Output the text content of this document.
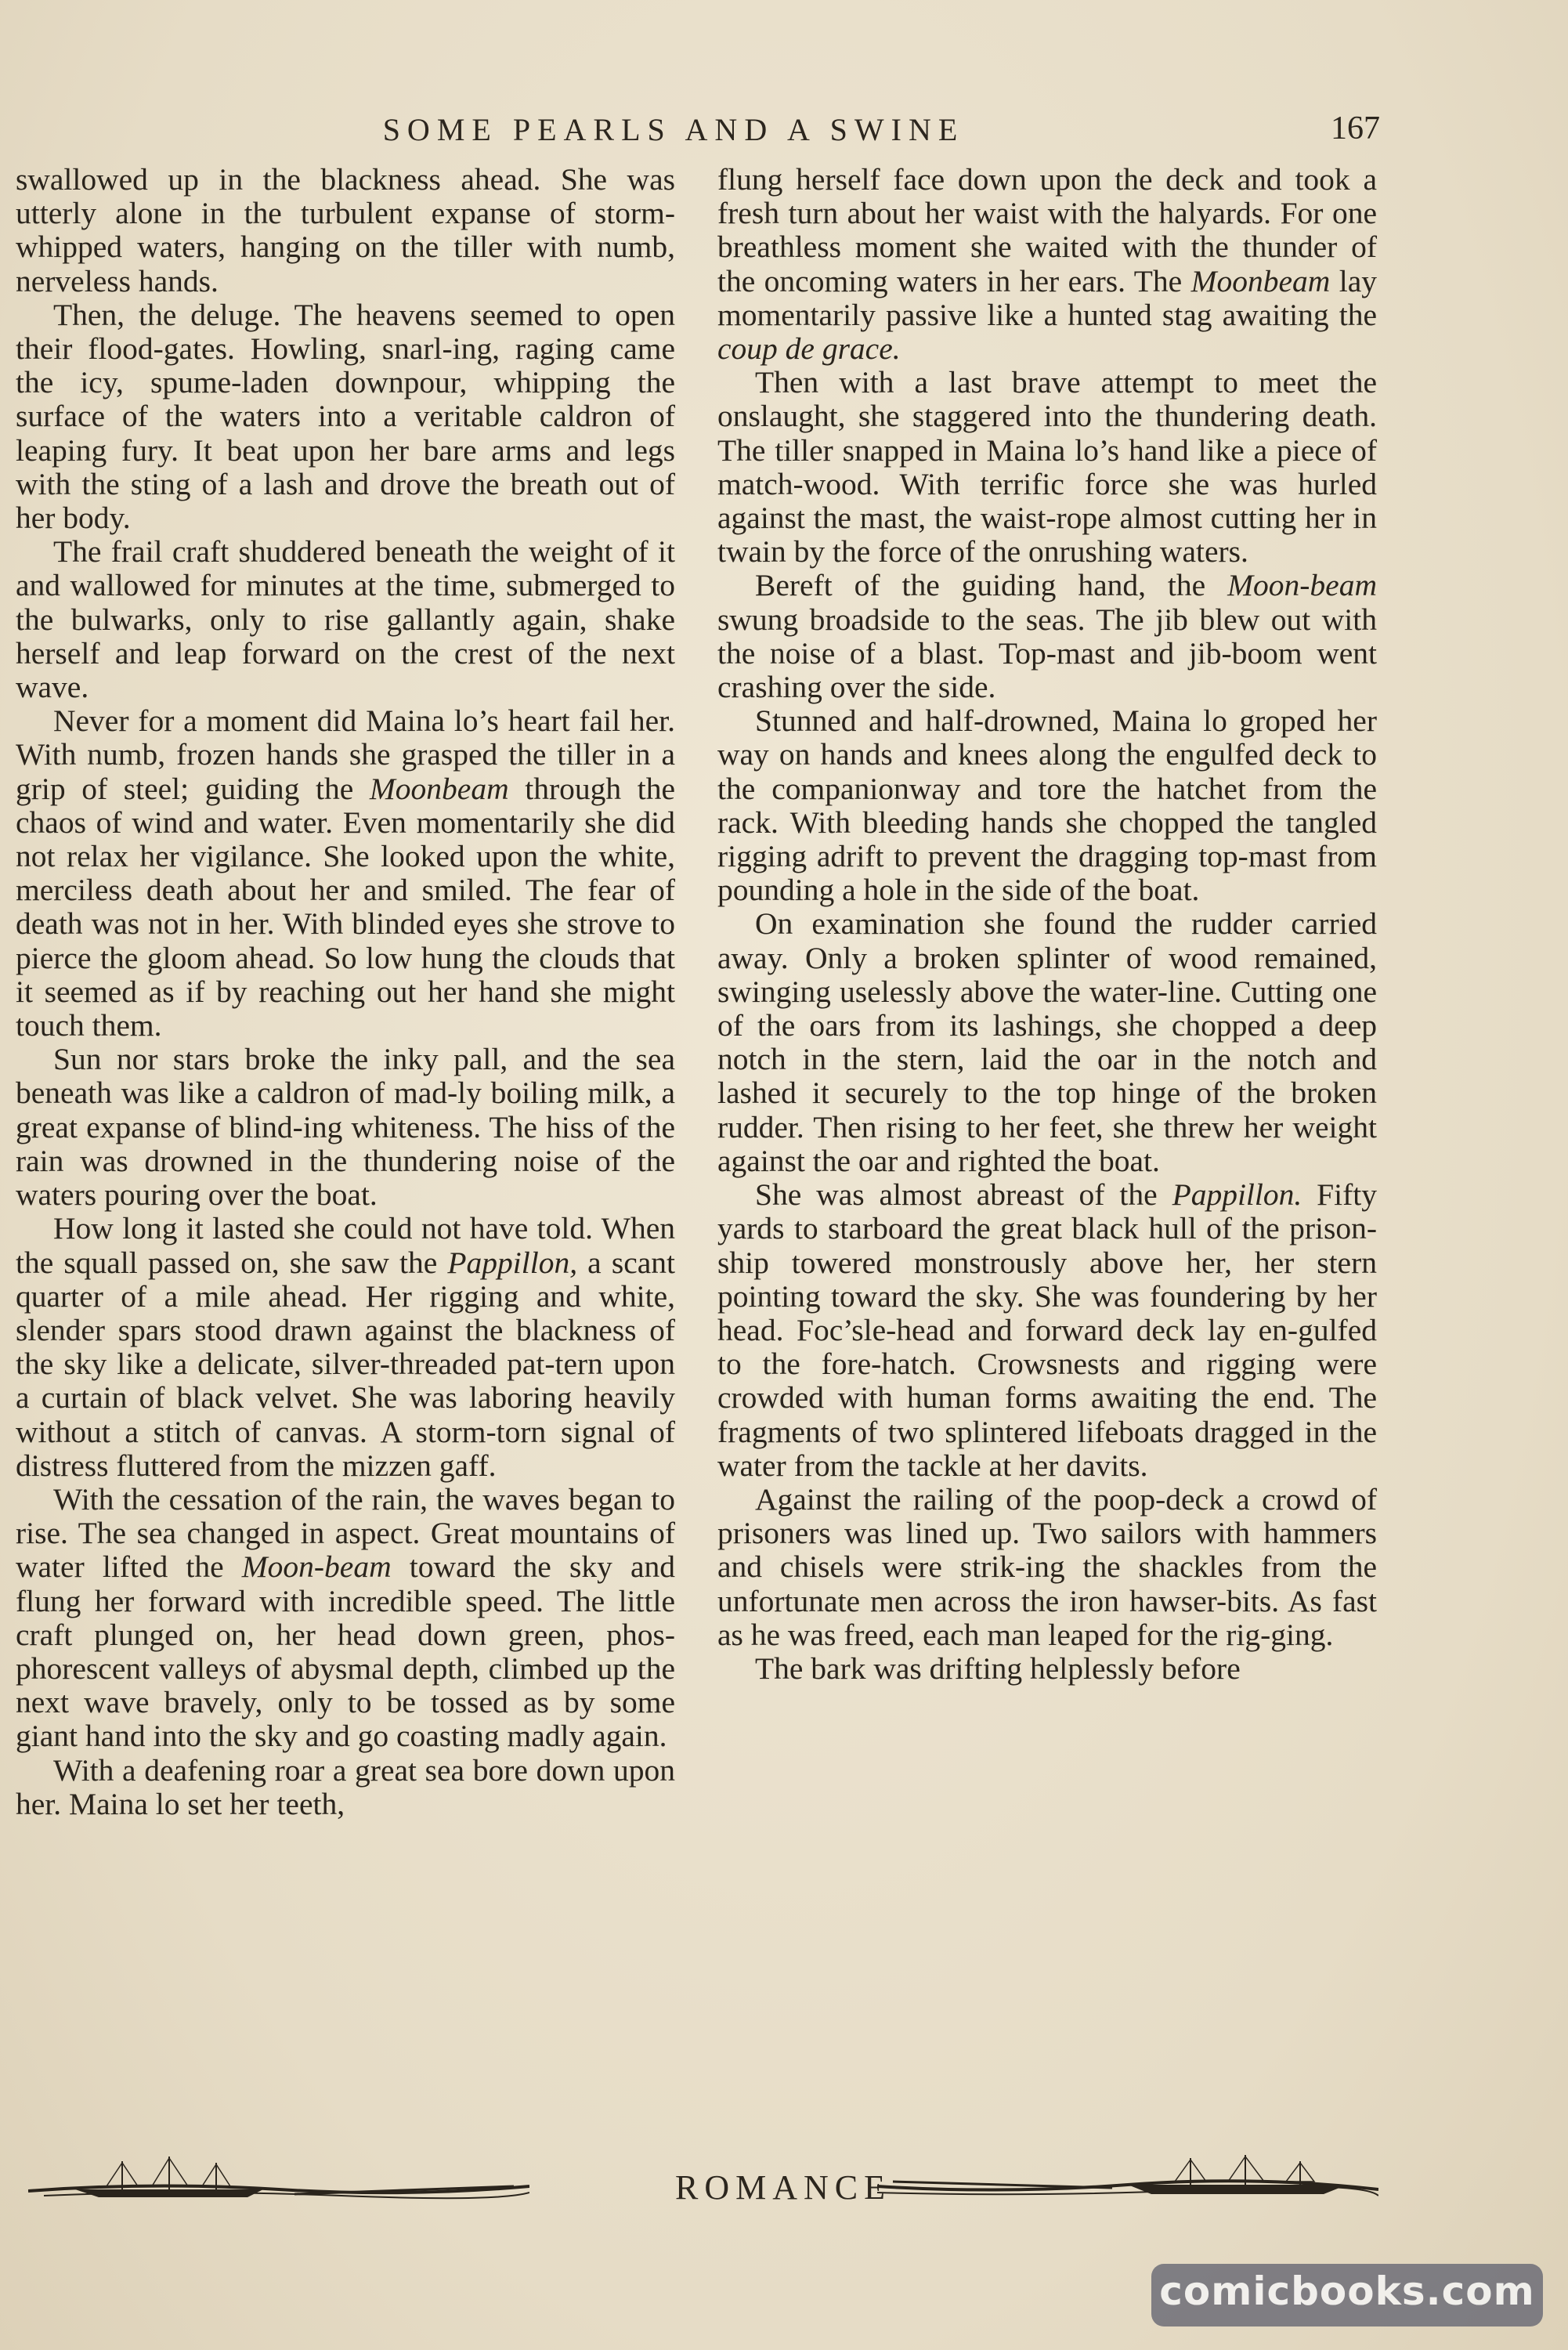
SOME PEARLS AND A SWINE	167

swallowed up in the blackness ahead. She was utterly alone in the turbulent expanse of storm-whipped waters, hanging on the tiller with numb, nerveless hands.

Then, the deluge. The heavens seemed to open their flood-gates. Howling, snarl-ing, raging came the icy, spume-laden downpour, whipping the surface of the waters into a veritable caldron of leaping fury. It beat upon her bare arms and legs with the sting of a lash and drove the breath out of her body.

The frail craft shuddered beneath the weight of it and wallowed for minutes at the time, submerged to the bulwarks, only to rise gallantly again, shake herself and leap forward on the crest of the next wave.

Never for a moment did Maina lo’s heart fail her. With numb, frozen hands she grasped the tiller in a grip of steel; guiding the Moonbeam through the chaos of wind and water. Even momentarily she did not relax her vigilance. She looked upon the white, merciless death about her and smiled. The fear of death was not in her. With blinded eyes she strove to pierce the gloom ahead. So low hung the clouds that it seemed as if by reaching out her hand she might touch them.

Sun nor stars broke the inky pall, and the sea beneath was like a caldron of mad-ly boiling milk, a great expanse of blind-ing whiteness. The hiss of the rain was drowned in the thundering noise of the waters pouring over the boat.

How long it lasted she could not have told. When the squall passed on, she saw the Pappillon, a scant quarter of a mile ahead. Her rigging and white, slender spars stood drawn against the blackness of the sky like a delicate, silver-threaded pat-tern upon a curtain of black velvet. She was laboring heavily without a stitch of canvas. A storm-torn signal of distress fluttered from the mizzen gaff.

With the cessation of the rain, the waves began to rise. The sea changed in aspect. Great mountains of water lifted the Moon-beam toward the sky and flung her forward with incredible speed. The little craft plunged on, her head down green, phos-phorescent valleys of abysmal depth, climbed up the next wave bravely, only to be tossed as by some giant hand into the sky and go coasting madly again.

With a deafening roar a great sea bore down upon her. Maina lo set her teeth,

flung herself face down upon the deck and took a fresh turn about her waist with the halyards. For one breathless moment she waited with the thunder of the oncoming waters in her ears. The Moonbeam lay momentarily passive like a hunted stag awaiting the coup de grace.

Then with a last brave attempt to meet the onslaught, she staggered into the thundering death. The tiller snapped in Maina lo’s hand like a piece of match-wood. With terrific force she was hurled against the mast, the waist-rope almost cutting her in twain by the force of the onrushing waters.

Bereft of the guiding hand, the Moon-beam swung broadside to the seas. The jib blew out with the noise of a blast. Top-mast and jib-boom went crashing over the side.

Stunned and half-drowned, Maina lo groped her way on hands and knees along the engulfed deck to the companionway and tore the hatchet from the rack. With bleeding hands she chopped the tangled rigging adrift to prevent the dragging top-mast from pounding a hole in the side of the boat.

On examination she found the rudder carried away. Only a broken splinter of wood remained, swinging uselessly above the water-line. Cutting one of the oars from its lashings, she chopped a deep notch in the stern, laid the oar in the notch and lashed it securely to the top hinge of the broken rudder. Then rising to her feet, she threw her weight against the oar and righted the boat.

She was almost abreast of the Pappillon. Fifty yards to starboard the great black hull of the prison-ship towered monstrously above her, her stern pointing toward the sky. She was foundering by her head. Foc’sle-head and forward deck lay en-gulfed to the fore-hatch. Crowsnests and rigging were crowded with human forms awaiting the end. The fragments of two splintered lifeboats dragged in the water from the tackle at her davits.

Against the railing of the poop-deck a crowd of prisoners was lined up. Two sailors with hammers and chisels were strik-ing the shackles from the unfortunate men across the iron hawser-bits. As fast as he was freed, each man leaped for the rig-ging.

The bark was drifting helplessly before

ROMANCE
comicbooks.com
